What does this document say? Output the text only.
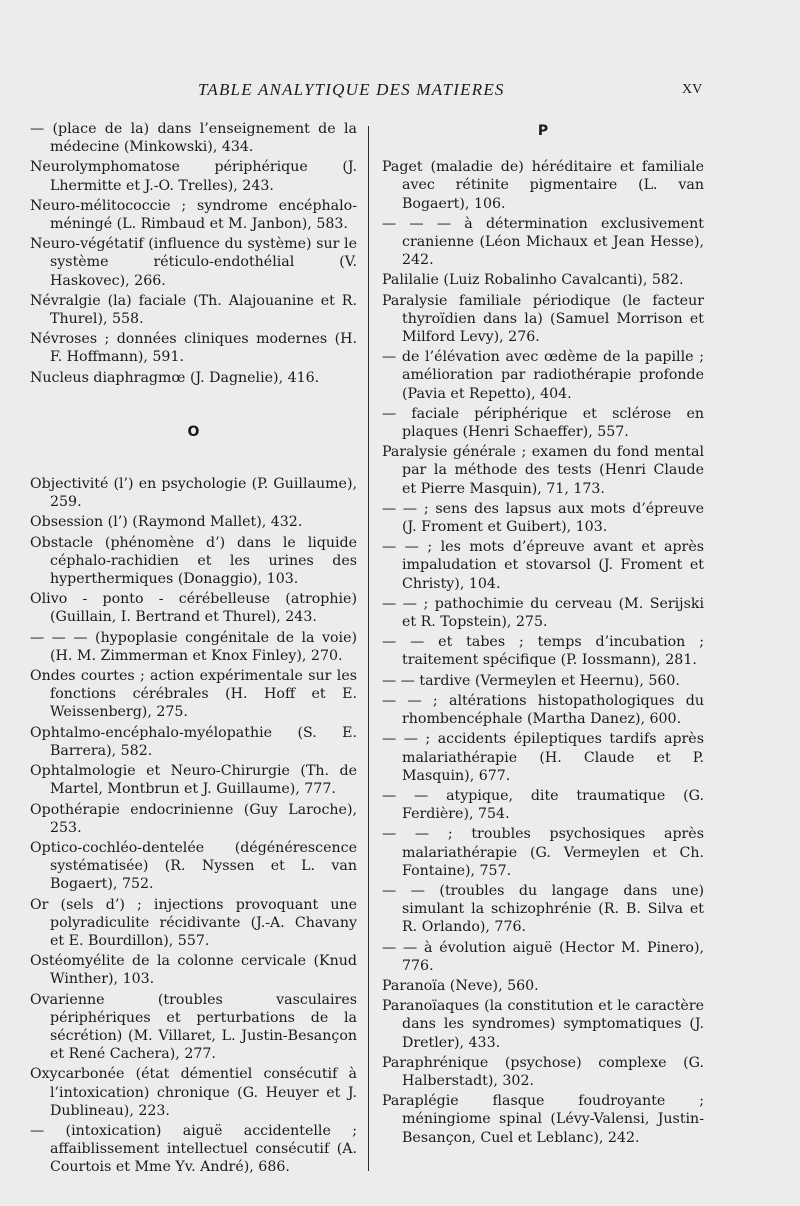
TABLE ANALYTIQUE DES MATIERES	XV

— (place de la) dans l’enseignement de la médecine (Minkowski), 434.

Neurolymphomatose périphérique (J. Lhermitte et J.-O. Trelles), 243.

Neuro-mélitococcie ; syndrome encéphalo-méningé (L. Rimbaud et M. Janbon), 583.

Neuro-végétatif (influence du système) sur le système réticulo-endothélial (V. Haskovec), 266.

Névralgie (la) faciale (Th. Alajouanine et R. Thurel), 558.

Névroses ; données cliniques modernes (H. F. Hoffmann), 591.

Nucleus diaphragmœ (J. Dagnelie), 416.

O

Objectivité (l’) en psychologie (P. Guillaume), 259.

Obsession (l’) (Raymond Mallet), 432.

Obstacle (phénomène d’) dans le liquide céphalo-rachidien et les urines des hyperthermiques (Donaggio), 103.

Olivo - ponto - cérébelleuse (atrophie) (Guillain, I. Bertrand et Thurel), 243.

— — — (hypoplasie congénitale de la voie) (H. M. Zimmerman et Knox Finley), 270.

Ondes courtes ; action expérimentale sur les fonctions cérébrales (H. Hoff et E. Weissenberg), 275.

Ophtalmo-encéphalo-myélopathie (S. E. Barrera), 582.

Ophtalmologie et Neuro-Chirurgie (Th. de Martel, Montbrun et J. Guillaume), 777.

Opothérapie endocrinienne (Guy Laroche), 253.

Optico-cochléo-dentelée (dégénérescence systématisée) (R. Nyssen et L. van Bogaert), 752.

Or (sels d’) ; injections provoquant une polyradiculite récidivante (J.-A. Chavany et E. Bourdillon), 557.

Ostéomyélite de la colonne cervicale (Knud Winther), 103.

Ovarienne (troubles vasculaires périphériques et perturbations de la sécrétion) (M. Villaret, L. Justin-Besançon et René Cachera), 277.

Oxycarbonée (état démentiel consécutif à l’intoxication) chronique (G. Heuyer et J. Dublineau), 223.

— (intoxication) aiguë accidentelle ; affaiblissement intellectuel consécutif (A. Courtois et Mme Yv. André), 686.

P

Paget (maladie de) héréditaire et familiale avec rétinite pigmentaire (L. van Bogaert), 106.

— — — à détermination exclusivement cranienne (Léon Michaux et Jean Hesse), 242.

Palilalie (Luiz Robalinho Cavalcanti), 582.

Paralysie familiale périodique (le facteur thyroïdien dans la) (Samuel Morrison et Milford Levy), 276.

— de l’élévation avec œdème de la papille ; amélioration par radiothérapie profonde (Pavia et Repetto), 404.

— faciale périphérique et sclérose en plaques (Henri Schaeffer), 557.

Paralysie générale ; examen du fond mental par la méthode des tests (Henri Claude et Pierre Masquin), 71, 173.

— — ; sens des lapsus aux mots d’épreuve (J. Froment et Guibert), 103.

— — ; les mots d’épreuve avant et après impaludation et stovarsol (J. Froment et Christy), 104.

— — ; pathochimie du cerveau (M. Serijski et R. Topstein), 275.

— — et tabes ; temps d’incubation ; traitement spécifique (P. Iossmann), 281.

— — tardive (Vermeylen et Heernu), 560.

— — ; altérations histopathologiques du rhombencéphale (Martha Danez), 600.

— — ; accidents épileptiques tardifs après malariathérapie (H. Claude et P. Masquin), 677.

— — atypique, dite traumatique (G. Ferdière), 754.

— — ; troubles psychosiques après malariathérapie (G. Vermeylen et Ch. Fontaine), 757.

— — (troubles du langage dans une) simulant la schizophrénie (R. B. Silva et R. Orlando), 776.

— — à évolution aiguë (Hector M. Pinero), 776.

Paranoïa (Neve), 560.

Paranoïaques (la constitution et le caractère dans les syndromes) symptomatiques (J. Dretler), 433.

Paraphrénique (psychose) complexe (G. Halberstadt), 302.

Paraplégie flasque foudroyante ; méningiome spinal (Lévy-Valensi, Justin-Besançon, Cuel et Leblanc), 242.
